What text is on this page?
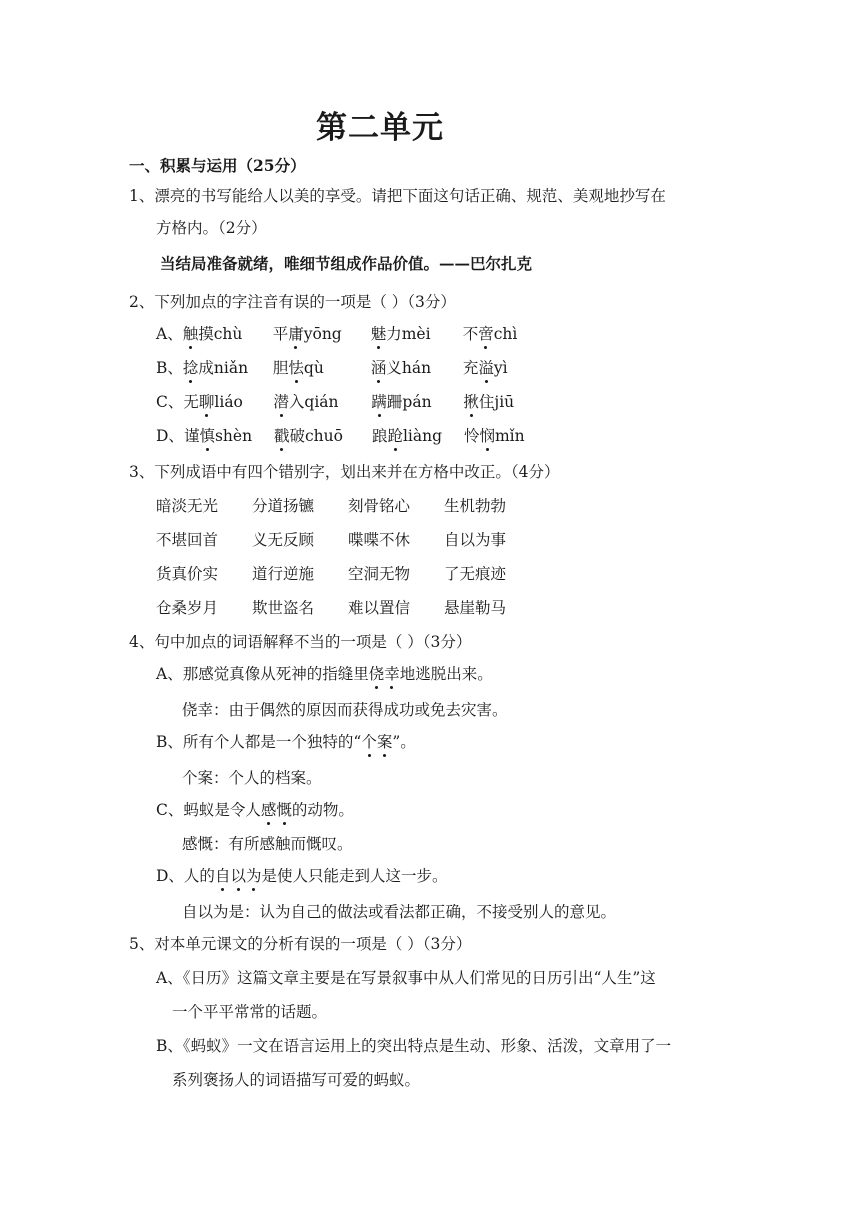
第二单元
一、积累与运用（25分）
1、漂亮的书写能给人以美的享受。请把下面这句话正确、规范、美观地抄写在
方格内。（2分）
当结局准备就绪，唯细节组成作品价值。——巴尔扎克
2、下列加点的字注音有误的一项是（ ）（3分）
A、触摸chù 平庸yōng 魅力mèi 不啻chì
B、捻成niǎn 胆怯qù	涵义hán 充溢yì
C、无聊liáo 潜入qián 蹒跚pán 揪住jiū
D、谨慎shèn 戳破chuō 踉跄liàng 怜悯mǐn
3、下列成语中有四个错别字，划出来并在方格中改正。（4分）
暗淡无光 分道扬镳 刻骨铭心 生机勃勃
不堪回首 义无反顾 喋喋不休 自以为事
货真价实 道行逆施 空洞无物 了无痕迹
仓桑岁月 欺世盗名 难以置信 悬崖勒马
4、句中加点的词语解释不当的一项是（ ）（3分）
A、那感觉真像从死神的指缝里侥幸地逃脱出来。
侥幸：由于偶然的原因而获得成功或免去灾害。
B、所有个人都是一个独特的“个案”。
个案：个人的档案。
C、蚂蚁是令人感慨的动物。
感慨：有所感触而慨叹。
D、人的自以为是使人只能走到人这一步。
自以为是：认为自己的做法或看法都正确，不接受别人的意见。
5、对本单元课文的分析有误的一项是（ ）（3分）
A、《日历》这篇文章主要是在写景叙事中从人们常见的日历引出“人生”这
一个平平常常的话题。
B、《蚂蚁》一文在语言运用上的突出特点是生动、形象、活泼，文章用了一
系列褒扬人的词语描写可爱的蚂蚁。
